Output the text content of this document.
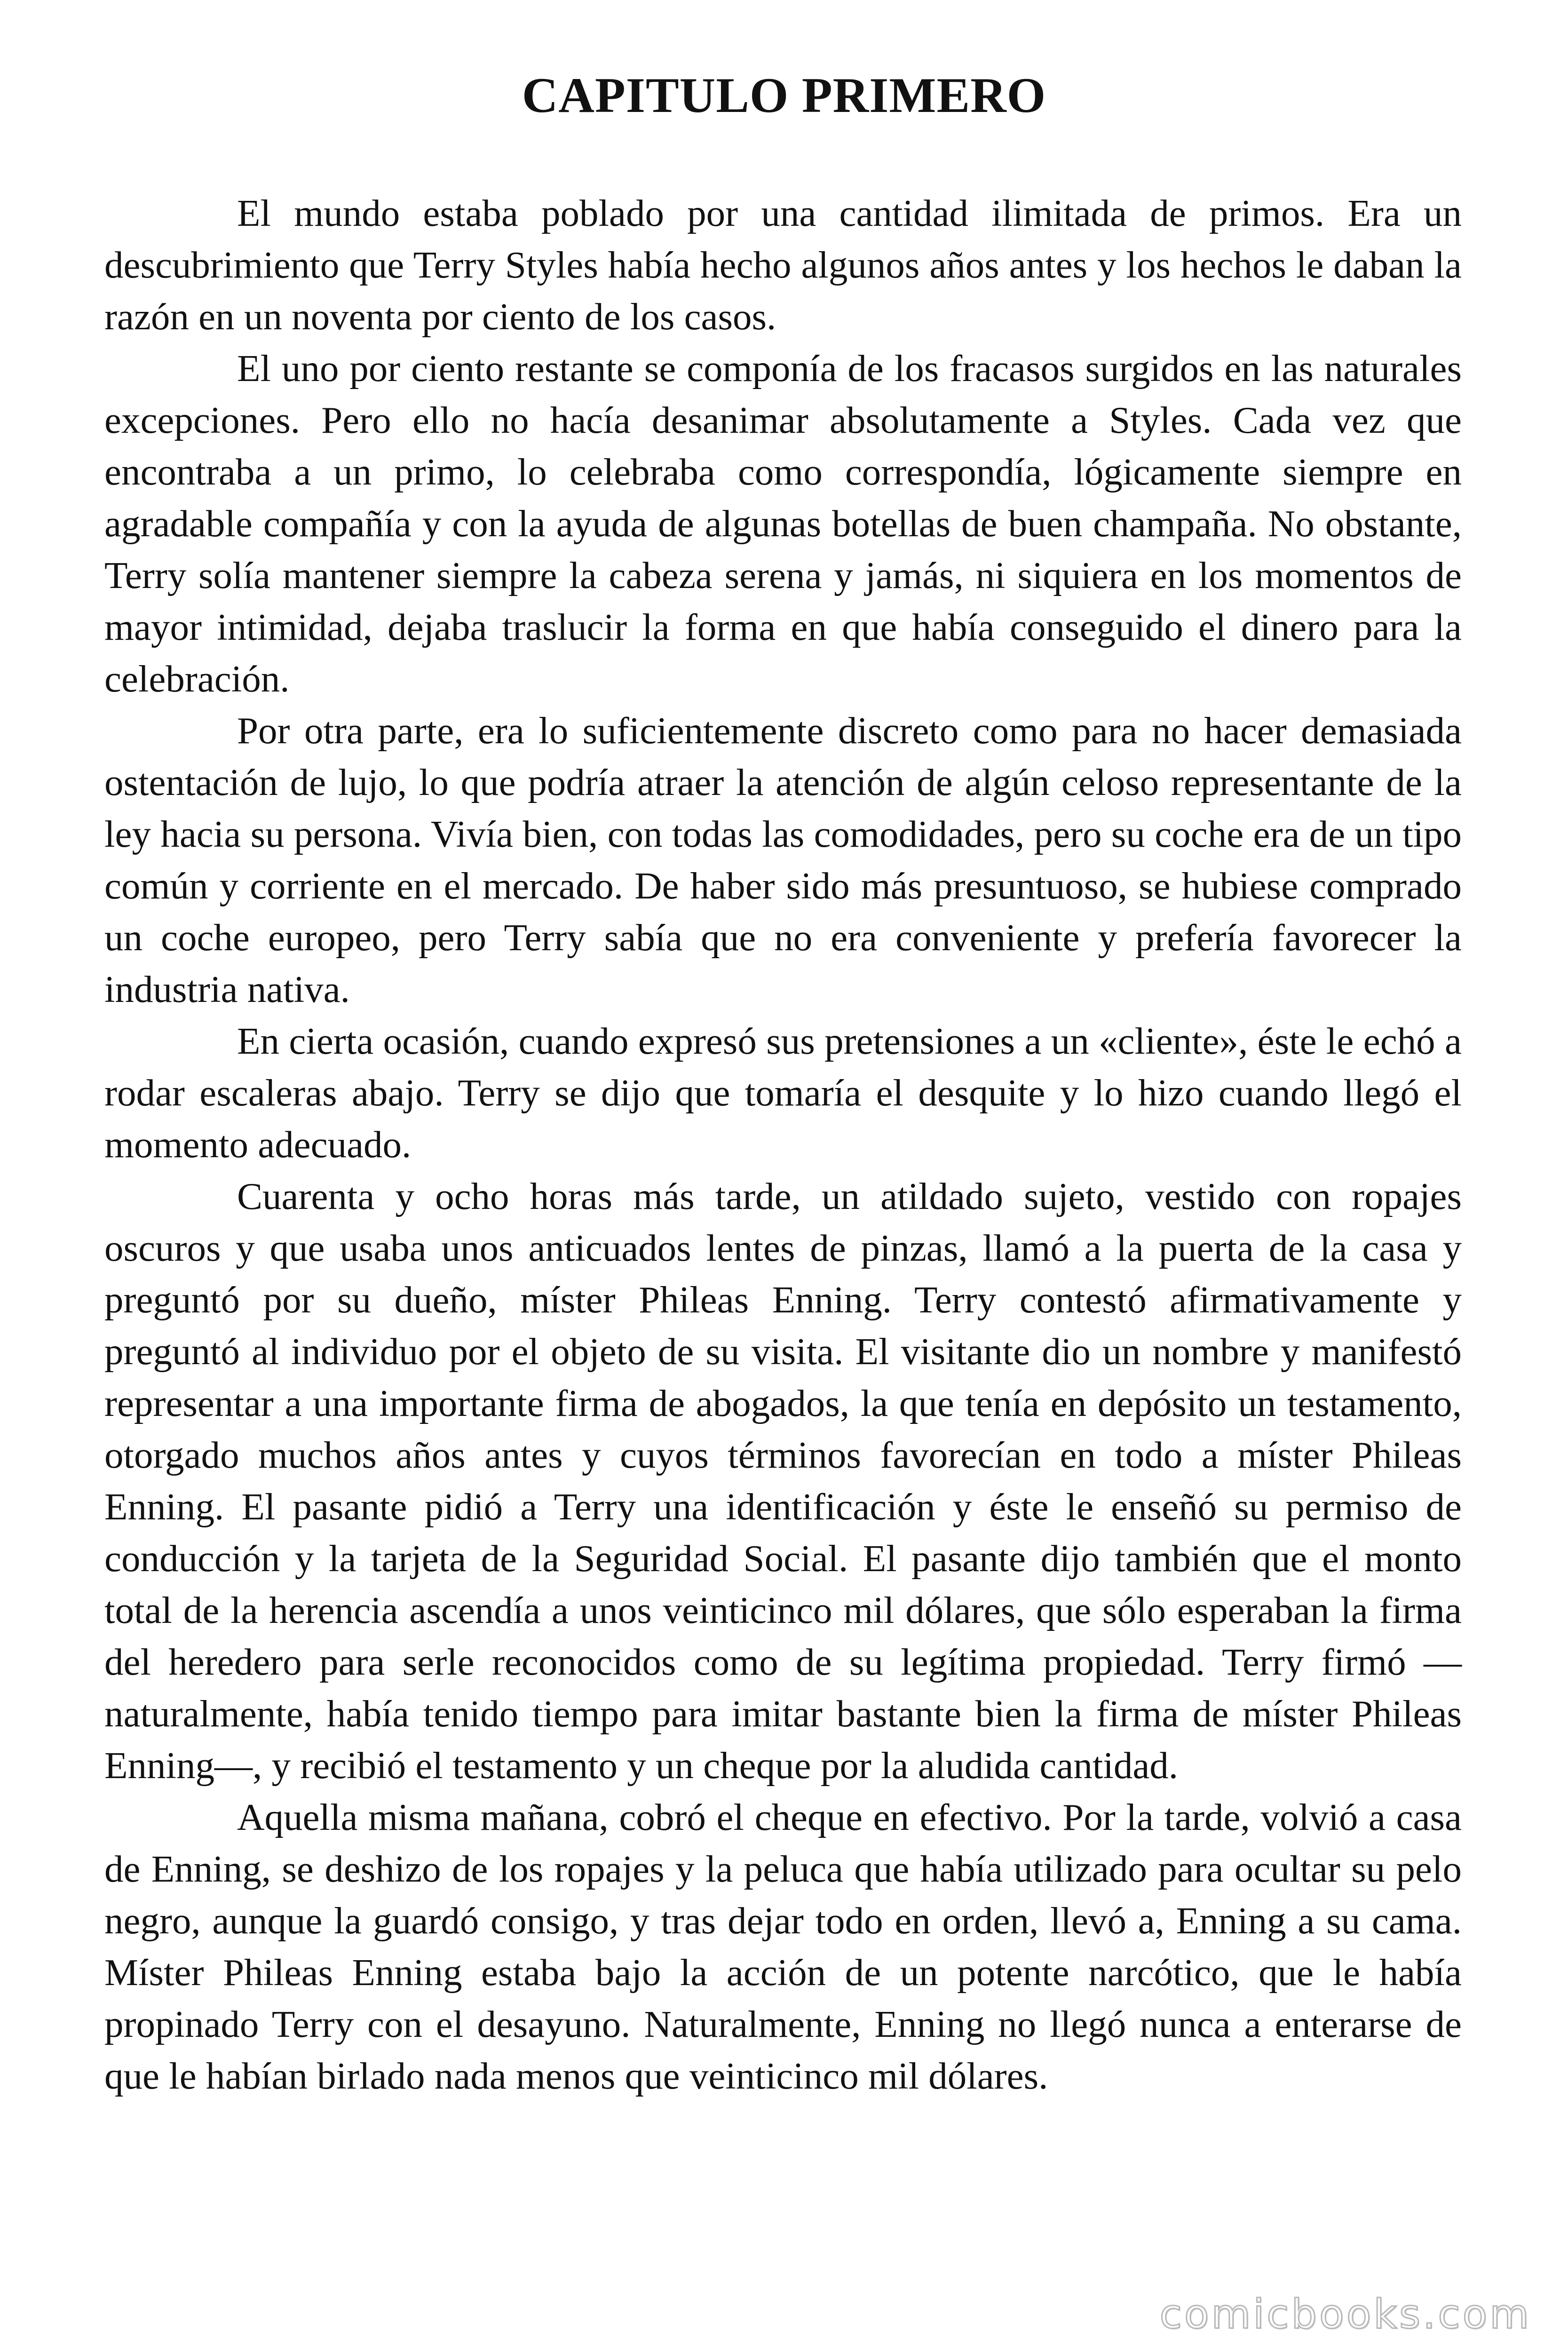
CAPITULO PRIMERO

El mundo estaba poblado por una cantidad ilimitada de primos. Era un descubrimiento que Terry Styles había hecho algunos años antes y los hechos le daban la razón en un noventa por ciento de los casos.

El uno por ciento restante se componía de los fracasos surgidos en las naturales excepciones. Pero ello no hacía desanimar absolutamente a Styles. Cada vez que encontraba a un primo, lo celebraba como correspondía, lógicamente siempre en agradable compañía y con la ayuda de algunas botellas de buen champaña. No obstante, Terry solía mantener siempre la cabeza serena y jamás, ni siquiera en los momentos de mayor intimidad, dejaba traslucir la forma en que había conseguido el dinero para la celebración.

Por otra parte, era lo suficientemente discreto como para no hacer demasiada ostentación de lujo, lo que podría atraer la atención de algún celoso representante de la ley hacia su persona. Vivía bien, con todas las comodidades, pero su coche era de un tipo común y corriente en el mercado. De haber sido más presuntuoso, se hubiese comprado un coche europeo, pero Terry sabía que no era conveniente y prefería favorecer la industria nativa.

En cierta ocasión, cuando expresó sus pretensiones a un «cliente», éste le echó a rodar escaleras abajo. Terry se dijo que tomaría el desquite y lo hizo cuando llegó el momento adecuado.

Cuarenta y ocho horas más tarde, un atildado sujeto, vestido con ropajes oscuros y que usaba unos anticuados lentes de pinzas, llamó a la puerta de la casa y preguntó por su dueño, míster Phileas Enning. Terry contestó afirmativamente y preguntó al individuo por el objeto de su visita. El visitante dio un nombre y manifestó representar a una importante firma de abogados, la que tenía en depósito un testamento, otorgado muchos años antes y cuyos términos favorecían en todo a míster Phileas Enning. El pasante pidió a Terry una identificación y éste le enseñó su permiso de conducción y la tarjeta de la Seguridad Social. El pasante dijo también que el monto total de la herencia ascendía a unos veinticinco mil dólares, que sólo esperaban la firma del heredero para serle reconocidos como de su legítima propiedad. Terry firmó —naturalmente, había tenido tiempo para imitar bastante bien la firma de míster Phileas Enning—, y recibió el testamento y un cheque por la aludida cantidad.

Aquella misma mañana, cobró el cheque en efectivo. Por la tarde, volvió a casa de Enning, se deshizo de los ropajes y la peluca que había utilizado para ocultar su pelo negro, aunque la guardó consigo, y tras dejar todo en orden, llevó a, Enning a su cama. Míster Phileas Enning estaba bajo la acción de un potente narcótico, que le había propinado Terry con el desayuno. Naturalmente, Enning no llegó nunca a enterarse de que le habían birlado nada menos que veinticinco mil dólares.

comicbooks.com
